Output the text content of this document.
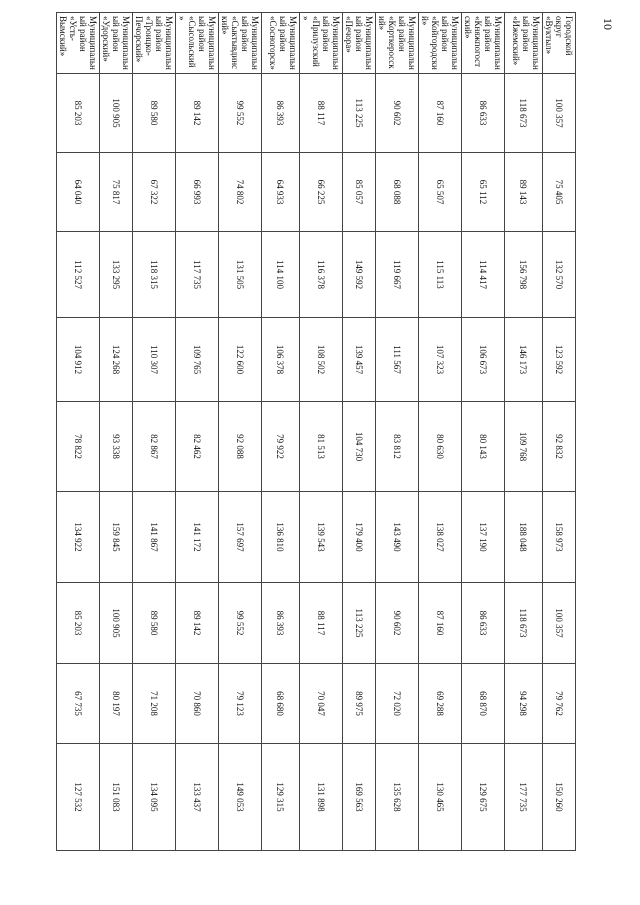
10
Городской округ «Вуктыл»	100 357	75 405	132 570	123 592	92 832	158 973	100 357	79 762	150 260
Муниципальный район «Ижемский»	118 673	89 143	156 798	146 173	109 768	188 048	118 673	94 298	177 735
Муниципальный район «Княжпогостский»	86 633	65 112	114 417	106 673	80 143	137 190	86 633	68 870	129 675
Муниципальный район «Койгородский»	87 160	65 507	115 113	107 323	80 630	138 027	87 160	69 288	130 465
Муниципальный район «Корткеросский»	90 602	68 088	119 667	111 567	83 812	143 490	90 602	72 020	135 628
Муниципальный район «Печора»	113 225	85 057	149 592	139 457	104 730	179 400	113 225	89 975	169 563
Муниципальный район «Прилузский»	88 117	66 225	116 378	108 502	81 513	139 543	88 117	70 047	131 898
Муниципальный район «Сосногорск»	86 393	64 933	114 100	106 378	79 922	136 810	86 393	68 680	129 315
Муниципальный район «Сыктывдинский»	99 552	74 802	131 505	122 600	92 088	157 697	99 552	79 123	149 053
Муниципальный район «Сысольский»	89 142	66 993	117 735	109 765	82 462	141 172	89 142	70 860	133 437
Муниципальный район «Троицко-Печорский»	89 580	67 322	118 315	110 307	82 867	141 867	89 580	71 208	134 095
Муниципальный район «Удорский»	100 905	75 817	133 295	124 268	93 338	159 845	100 905	80 197	151 083
Муниципальный район «Усть-Вымский»	85 203	64 040	112 527	104 912	78 822	134 922	85 203	67 735	127 532
